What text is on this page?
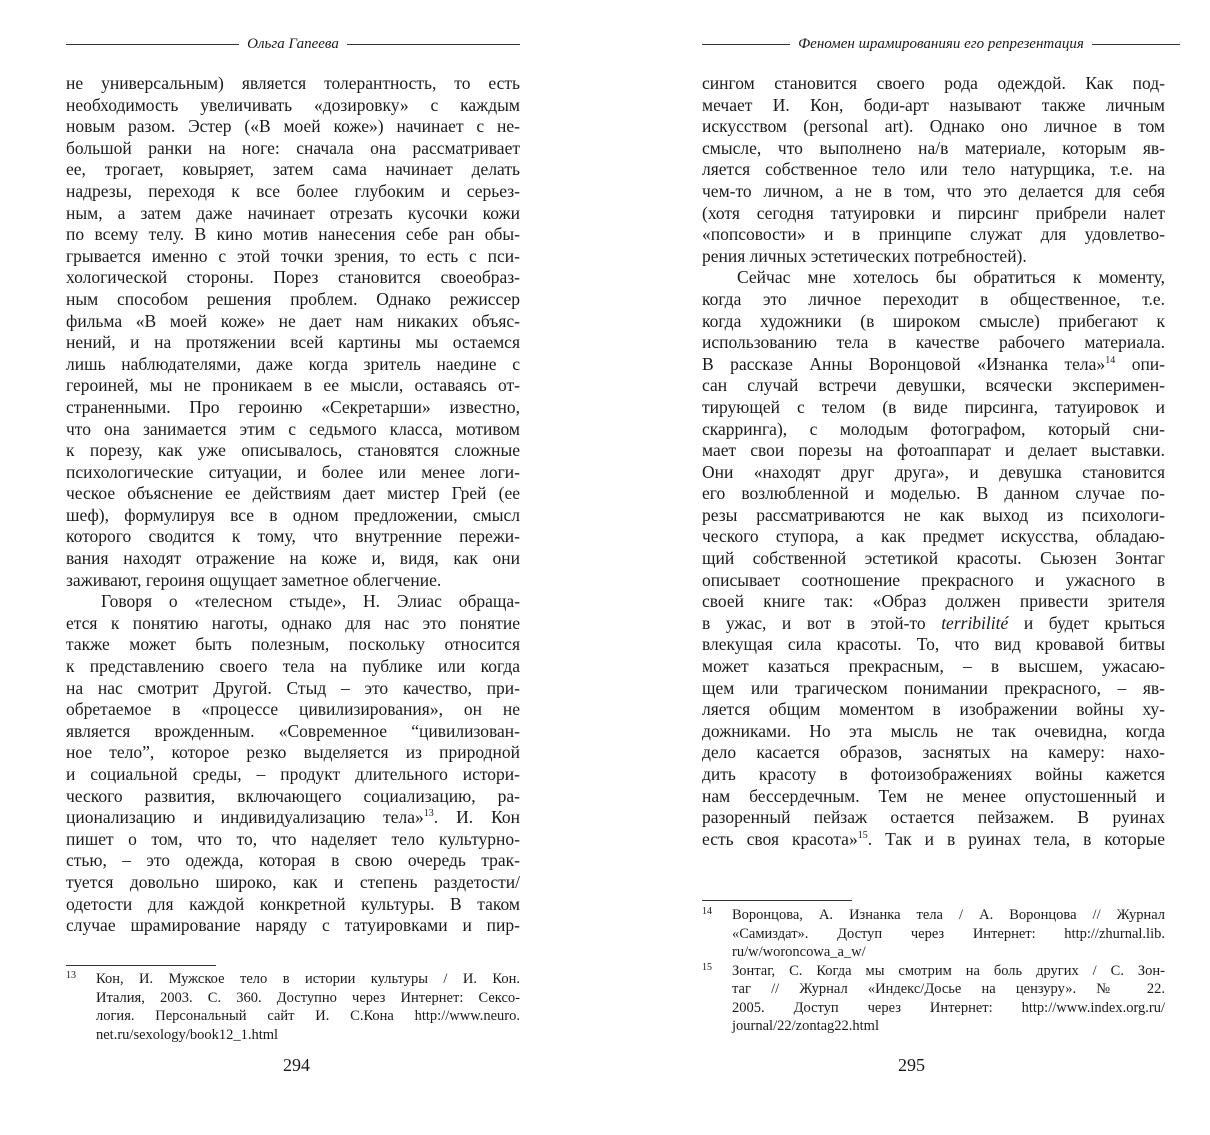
Ольга Гапеева
не универсальным) является толерантность, то есть
необходимость увеличивать «дозировку» с каждым
новым разом. Эстер («В моей коже») начинает с не-
большой ранки на ноге: сначала она рассматривает
ее, трогает, ковыряет, затем сама начинает делать
надрезы, переходя к все более глубоким и серьез-
ным, а затем даже начинает отрезать кусочки кожи
по всему телу. В кино мотив нанесения себе ран обы-
грывается именно с этой точки зрения, то есть с пси-
хологической стороны. Порез становится своеобраз-
ным способом решения проблем. Однако режиссер
фильма «В моей коже» не дает нам никаких объяс-
нений, и на протяжении всей картины мы остаемся
лишь наблюдателями, даже когда зритель наедине с
героиней, мы не проникаем в ее мысли, оставаясь от-
страненными. Про героиню «Секретарши» известно,
что она занимается этим с седьмого класса, мотивом
к порезу, как уже описывалось, становятся сложные
психологические ситуации, и более или менее логи-
ческое объяснение ее действиям дает мистер Грей (ее
шеф), формулируя все в одном предложении, смысл
которого сводится к тому, что внутренние пережи-
вания находят отражение на коже и, видя, как они
заживают, героиня ощущает заметное облегчение.
Говоря о «телесном стыде», Н. Элиас обраща-
ется к понятию наготы, однако для нас это понятие
также может быть полезным, поскольку относится
к представлению своего тела на публике или когда
на нас смотрит Другой. Стыд – это качество, при-
обретаемое в «процессе цивилизирования», он не
является врожденным. «Современное “цивилизован-
ное тело”, которое резко выделяется из природной
и социальной среды, – продукт длительного истори-
ческого развития, включающего социализацию, ра-
ционализацию и индивидуализацию тела»$^{13}$. И. Кон
пишет о том, что то, что наделяет тело культурно-
стью, – это одежда, которая в свою очередь трак-
туется довольно широко, как и степень раздетости/
одетости для каждой конкретной культуры. В таком
случае шрамирование наряду с татуировками и пир-
13 Кон, И. Мужское тело в истории культуры / И. Кон.
Италия, 2003. С. 360. Доступно через Интернет: Сексо-
логия. Персональный сайт И. С.Кона http://www.neuro.
net.ru/sexology/book12_1.html
294
Феномен шрамированияи его репрезентация
сингом становится своего рода одеждой. Как под-
мечает И. Кон, боди-арт называют также личным
искусством (personal art). Однако оно личное в том
смысле, что выполнено на/в материале, которым яв-
ляется собственное тело или тело натурщика, т.е. на
чем-то личном, а не в том, что это делается для себя
(хотя сегодня татуировки и пирсинг прибрели налет
«попсовости» и в принципе служат для удовлетво-
рения личных эстетических потребностей).
Сейчас мне хотелось бы обратиться к моменту,
когда это личное переходит в общественное, т.е.
когда художники (в широком смысле) прибегают к
использованию тела в качестве рабочего материала.
В рассказе Анны Воронцовой «Изнанка тела»$^{14}$ опи-
сан случай встречи девушки, всячески эксперимен-
тирующей с телом (в виде пирсинга, татуировок и
скарринга), с молодым фотографом, который сни-
мает свои порезы на фотоаппарат и делает выставки.
Они «находят друг друга», и девушка становится
его возлюбленной и моделью. В данном случае по-
резы рассматриваются не как выход из психологи-
ческого ступора, а как предмет искусства, обладаю-
щий собственной эстетикой красоты. Сьюзен Зонтаг
описывает соотношение прекрасного и ужасного в
своей книге так: «Образ должен привести зрителя
в ужас, и вот в этой-то terribilité и будет крыться
влекущая сила красоты. То, что вид кровавой битвы
может казаться прекрасным, – в высшем, ужасаю-
щем или трагическом понимании прекрасного, – яв-
ляется общим моментом в изображении войны ху-
дожниками. Но эта мысль не так очевидна, когда
дело касается образов, заснятых на камеру: нахо-
дить красоту в фотоизображениях войны кажется
нам бессердечным. Тем не менее опустошенный и
разоренный пейзаж остается пейзажем. В руинах
есть своя красота»$^{15}$. Так и в руинах тела, в которые
14 Воронцова, А. Изнанка тела / А. Воронцова // Журнал
«Самиздат». Доступ через Интернет: http://zhurnal.lib.
ru/w/woroncowa_a_w/
15 Зонтаг, С. Когда мы смотрим на боль других / С. Зон-
таг // Журнал «Индекс/Досье на цензуру». № 22.
2005. Доступ через Интернет: http://www.index.org.ru/
journal/22/zontag22.html
295
